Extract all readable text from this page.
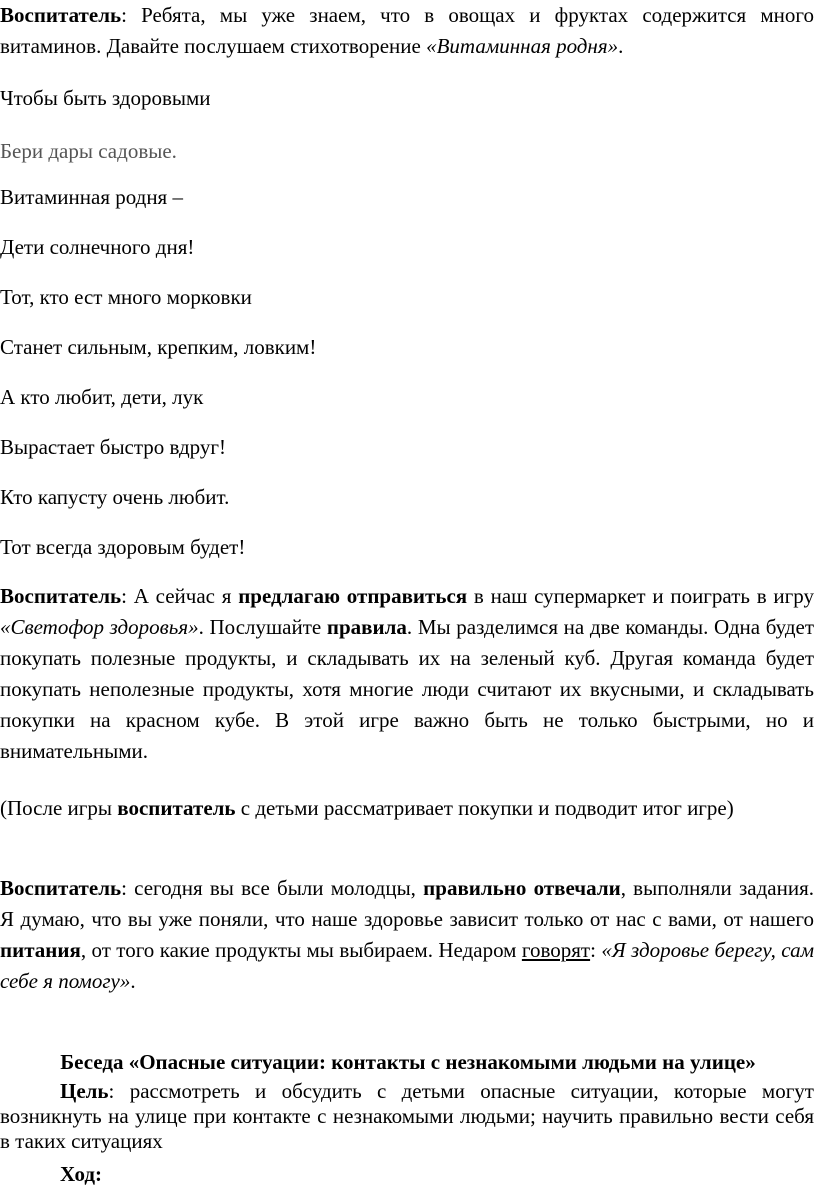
Воспитатель: Ребята, мы уже знаем, что в овощах и фруктах содержится много витаминов. Давайте послушаем стихотворение «Витаминная родня».

Чтобы быть здоровыми

Бери дары садовые.

Витаминная родня –

Дети солнечного дня!

Тот, кто ест много морковки

Станет сильным, крепким, ловким!

А кто любит, дети, лук

Вырастает быстро вдруг!

Кто капусту очень любит.

Тот всегда здоровым будет!

Воспитатель: А сейчас я предлагаю отправиться в наш супермаркет и поиграть в игру «Светофор здоровья». Послушайте правила. Мы разделимся на две команды. Одна будет покупать полезные продукты, и складывать их на зеленый куб. Другая команда будет покупать неполезные продукты, хотя многие люди считают их вкусными, и складывать покупки на красном кубе. В этой игре важно быть не только быстрыми, но и внимательными.

(После игры воспитатель с детьми рассматривает покупки и подводит итог игре)

Воспитатель: сегодня вы все были молодцы, правильно отвечали, выполняли задания. Я думаю, что вы уже поняли, что наше здоровье зависит только от нас с вами, от нашего питания, от того какие продукты мы выбираем. Недаром говорят: «Я здоровье берегу, сам себе я помогу».

Беседа «Опасные ситуации: контакты с незнакомыми людьми на улице»

Цель: рассмотреть и обсудить с детьми опасные ситуации, которые могут возникнуть на улице при контакте с незнакомыми людьми; научить правильно вести себя в таких ситуациях

Ход:
